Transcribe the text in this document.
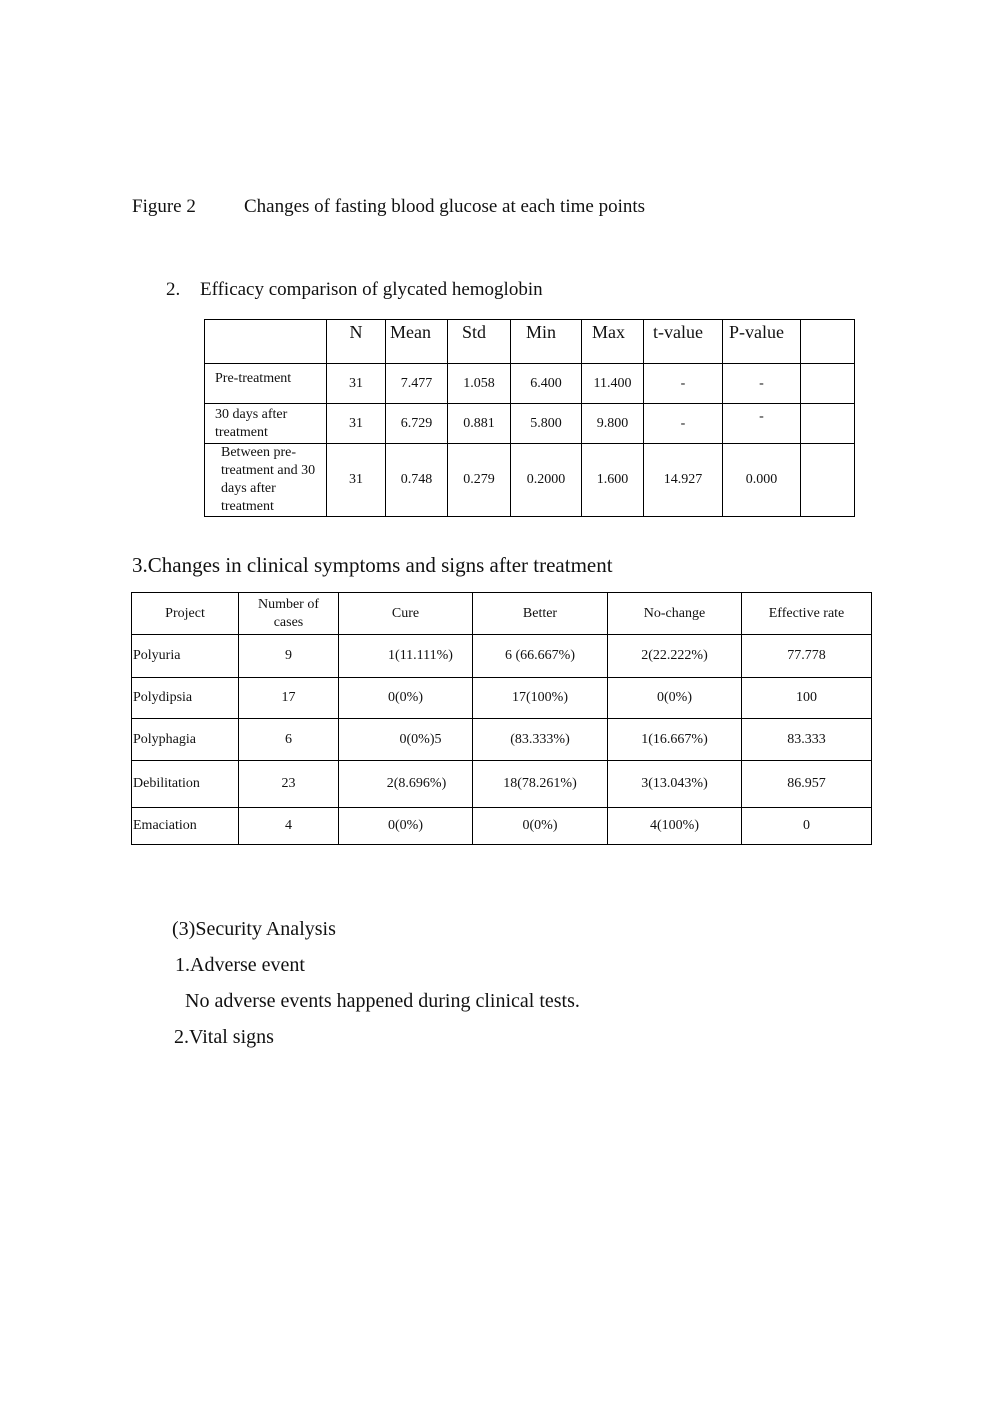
Figure 2	Changes of fasting blood glucose at each time points
2. Efficacy comparison of glycated hemoglobin
	N	Mean	Std	Min	Max	t-value	P-value	
Pre-treatment	31	7.477	1.058	6.400	11.400	-	-	
30 days after treatment	31	6.729	0.881	5.800	9.800	-	-	
Between pre-treatment and 30 days after treatment	31	0.748	0.279	0.2000	1.600	14.927	0.000	
3.Changes in clinical symptoms and signs after treatment
Project	Number of cases	Cure	Better	No-change	Effective rate
Polyuria	9	1(11.111%)	6 (66.667%)	2(22.222%)	77.778
Polydipsia	17	0(0%)	17(100%)	0(0%)	100
Polyphagia	6	0(0%)5	(83.333%)	1(16.667%)	83.333
Debilitation	23	2(8.696%)	18(78.261%)	3(13.043%)	86.957
Emaciation	4	0(0%)	0(0%)	4(100%)	0
(3)Security Analysis
1.Adverse event
No adverse events happened during clinical tests.
2.Vital signs
